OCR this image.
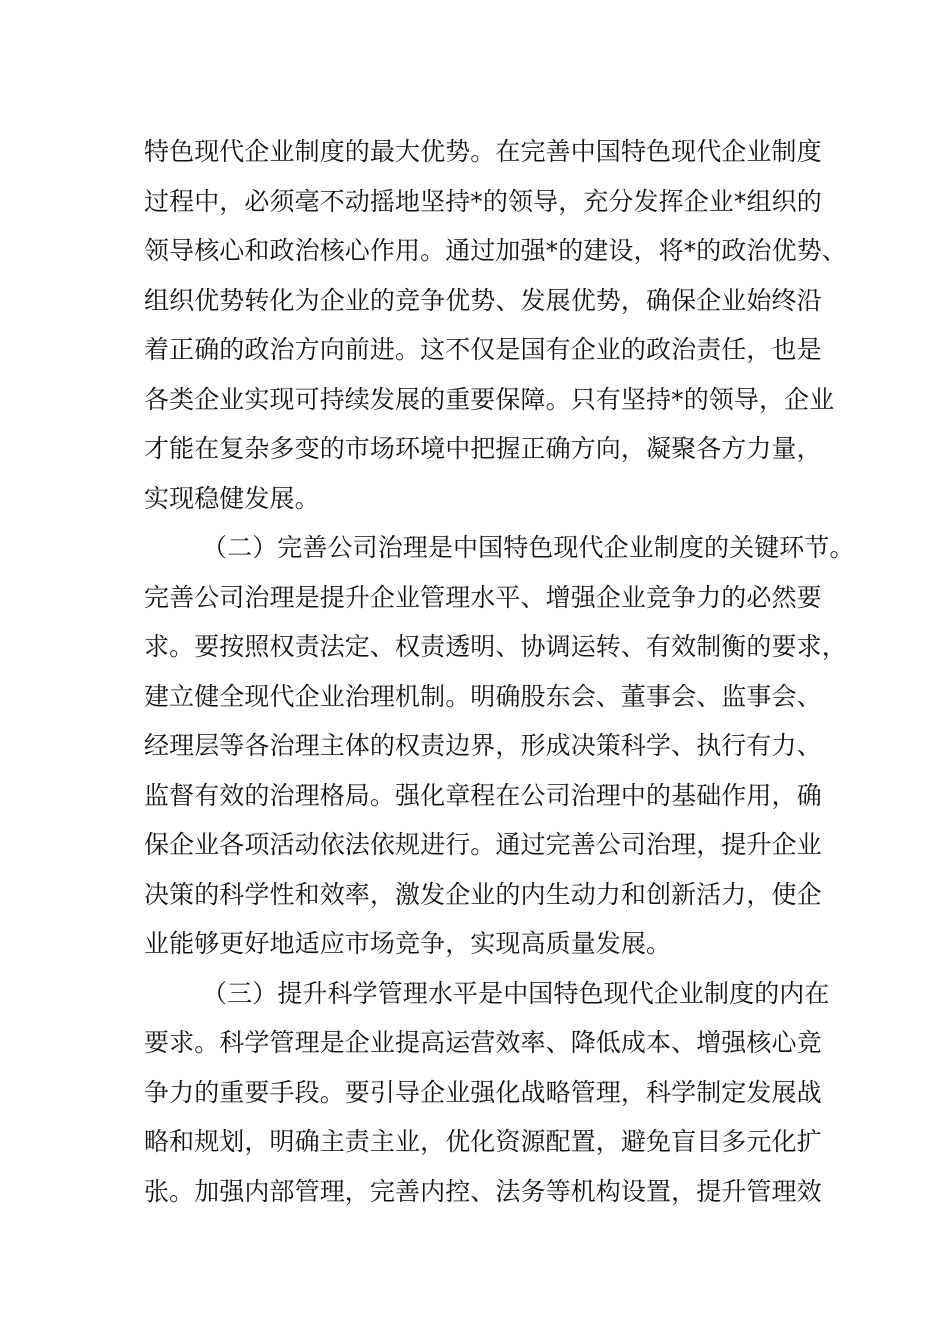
特色现代企业制度的最大优势。在完善中国特色现代企业制度
过程中，必须毫不动摇地坚持*的领导，充分发挥企业*组织的
领导核心和政治核心作用。通过加强*的建设，将*的政治优势、
组织优势转化为企业的竞争优势、发展优势，确保企业始终沿
着正确的政治方向前进。这不仅是国有企业的政治责任，也是
各类企业实现可持续发展的重要保障。只有坚持*的领导，企业
才能在复杂多变的市场环境中把握正确方向，凝聚各方力量，
实现稳健发展。
（二）完善公司治理是中国特色现代企业制度的关键环节。
完善公司治理是提升企业管理水平、增强企业竞争力的必然要
求。要按照权责法定、权责透明、协调运转、有效制衡的要求，
建立健全现代企业治理机制。明确股东会、董事会、监事会、
经理层等各治理主体的权责边界，形成决策科学、执行有力、
监督有效的治理格局。强化章程在公司治理中的基础作用，确
保企业各项活动依法依规进行。通过完善公司治理，提升企业
决策的科学性和效率，激发企业的内生动力和创新活力，使企
业能够更好地适应市场竞争，实现高质量发展。
（三）提升科学管理水平是中国特色现代企业制度的内在
要求。科学管理是企业提高运营效率、降低成本、增强核心竞
争力的重要手段。要引导企业强化战略管理，科学制定发展战
略和规划，明确主责主业，优化资源配置，避免盲目多元化扩
张。加强内部管理，完善内控、法务等机构设置，提升管理效
